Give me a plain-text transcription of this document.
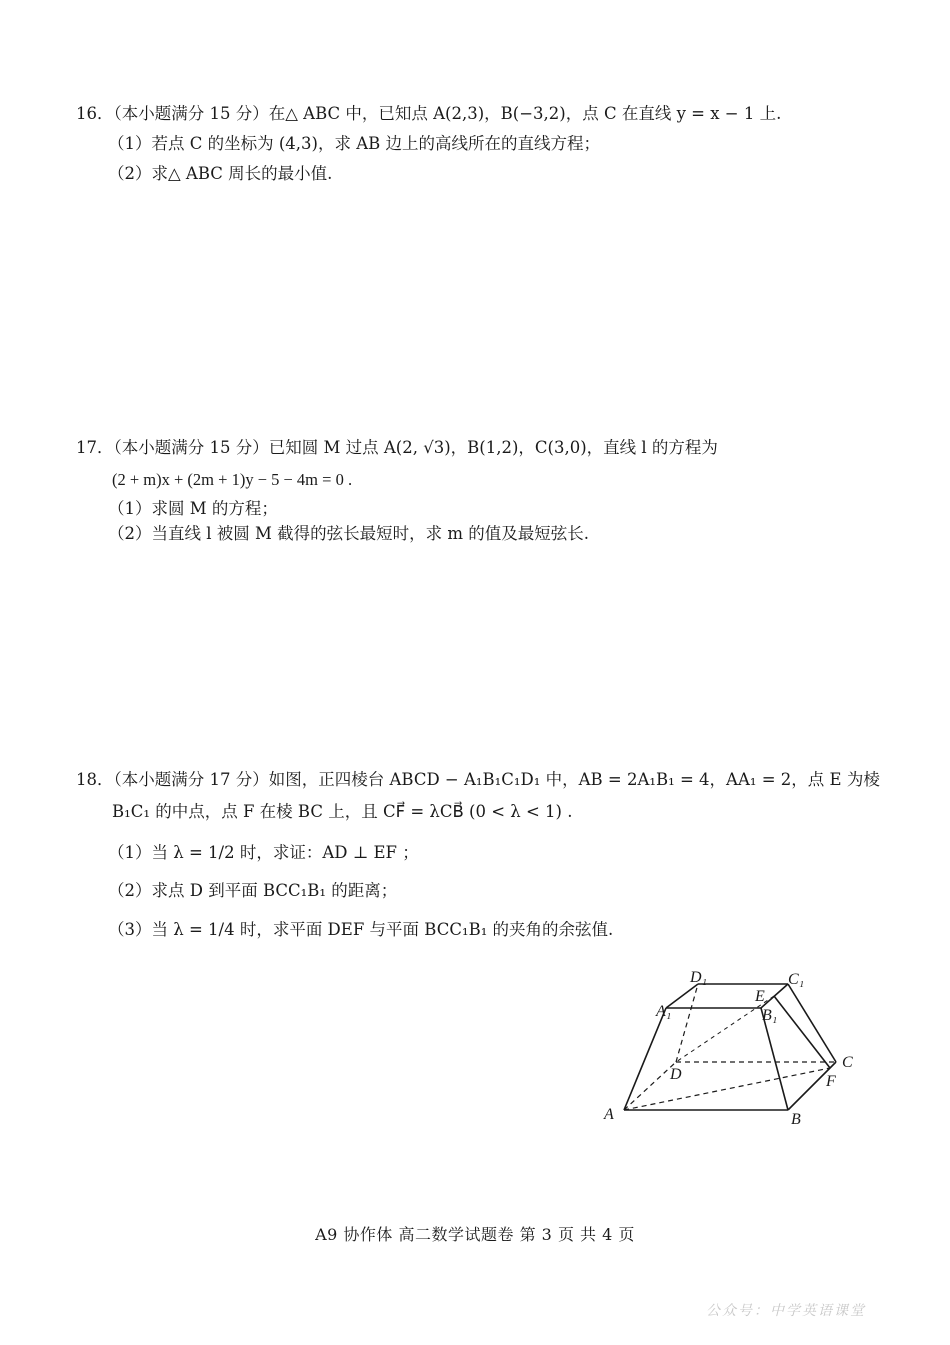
16．（本小题满分 15 分）在△ ABC 中，已知点 A(2,3)，B(−3,2)，点 C 在直线 y = x − 1 上.
（1）若点 C 的坐标为 (4,3)，求 AB 边上的高线所在的直线方程；
（2）求△ ABC 周长的最小值.
17．（本小题满分 15 分）已知圆 M 过点 A(2, √3)，B(1,2)，C(3,0)，直线 l 的方程为
(2 + m)x + (2m + 1)y − 5 − 4m = 0 .
（1）求圆 M 的方程；
（2）当直线 l 被圆 M 截得的弦长最短时，求 m 的值及最短弦长.
18．（本小题满分 17 分）如图，正四棱台 ABCD − A₁B₁C₁D₁ 中，AB = 2A₁B₁ = 4，AA₁ = 2，点 E 为棱
B₁C₁ 的中点，点 F 在棱 BC 上，且 CF⃗ = λCB⃗ (0 < λ < 1) .
（1）当 λ = 1/2 时，求证：AD ⊥ EF ；
（2）求点 D 到平面 BCC₁B₁ 的距离；
（3）当 λ = 1/4 时，求平面 DEF 与平面 BCC₁B₁ 的夹角的余弦值.
A	B
C
D
A₁	B₁
C₁
D₁
E
F
A9 协作体 高二数学试题卷 第 3 页 共 4 页
公众号：中学英语课堂
